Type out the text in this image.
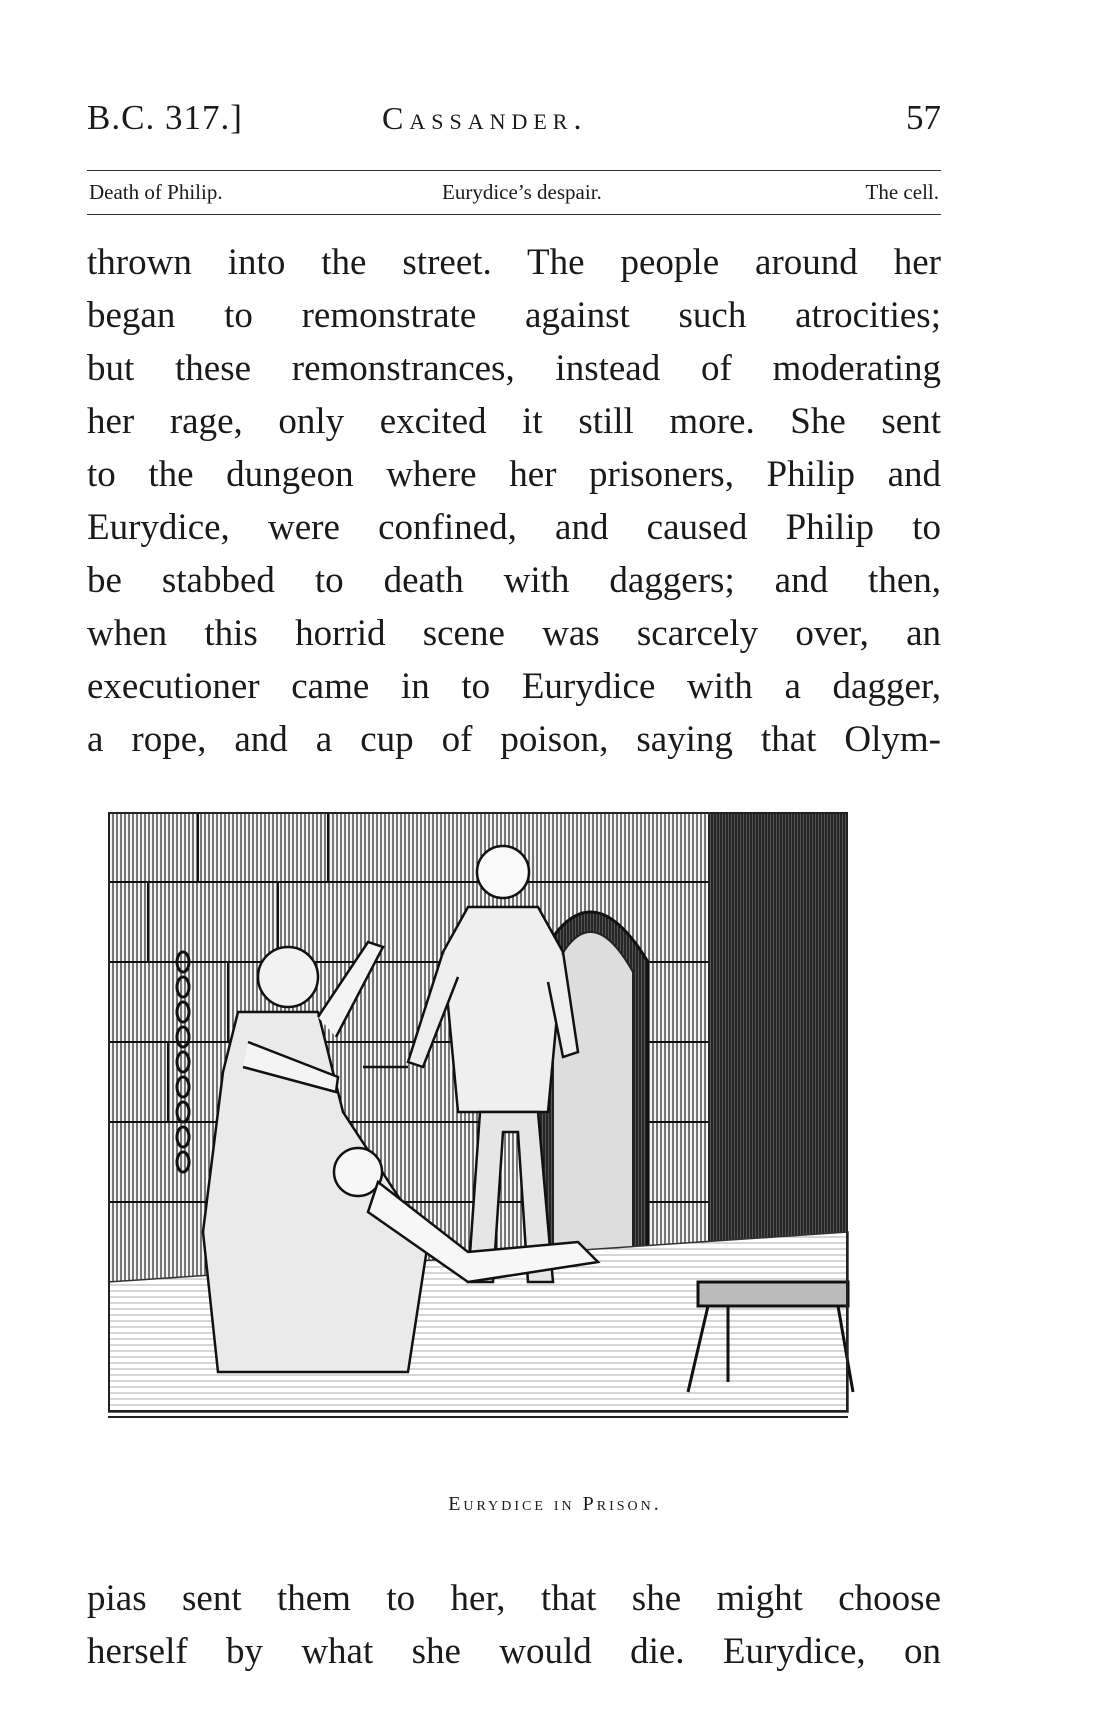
B.C. 317.]	Cassander.	57
Death of Philip.	Eurydice’s despair.	The cell.
thrown into the street. The people around her
began to remonstrate against such atrocities;
but these remonstrances, instead of moderating
her rage, only excited it still more. She sent
to the dungeon where her prisoners, Philip and
Eurydice, were confined, and caused Philip to
be stabbed to death with daggers; and then,
when this horrid scene was scarcely over, an
executioner came in to Eurydice with a dagger,
a rope, and a cup of poison, saying that Olym-
Eurydice in Prison.
pias sent them to her, that she might choose
herself by what she would die. Eurydice, on
